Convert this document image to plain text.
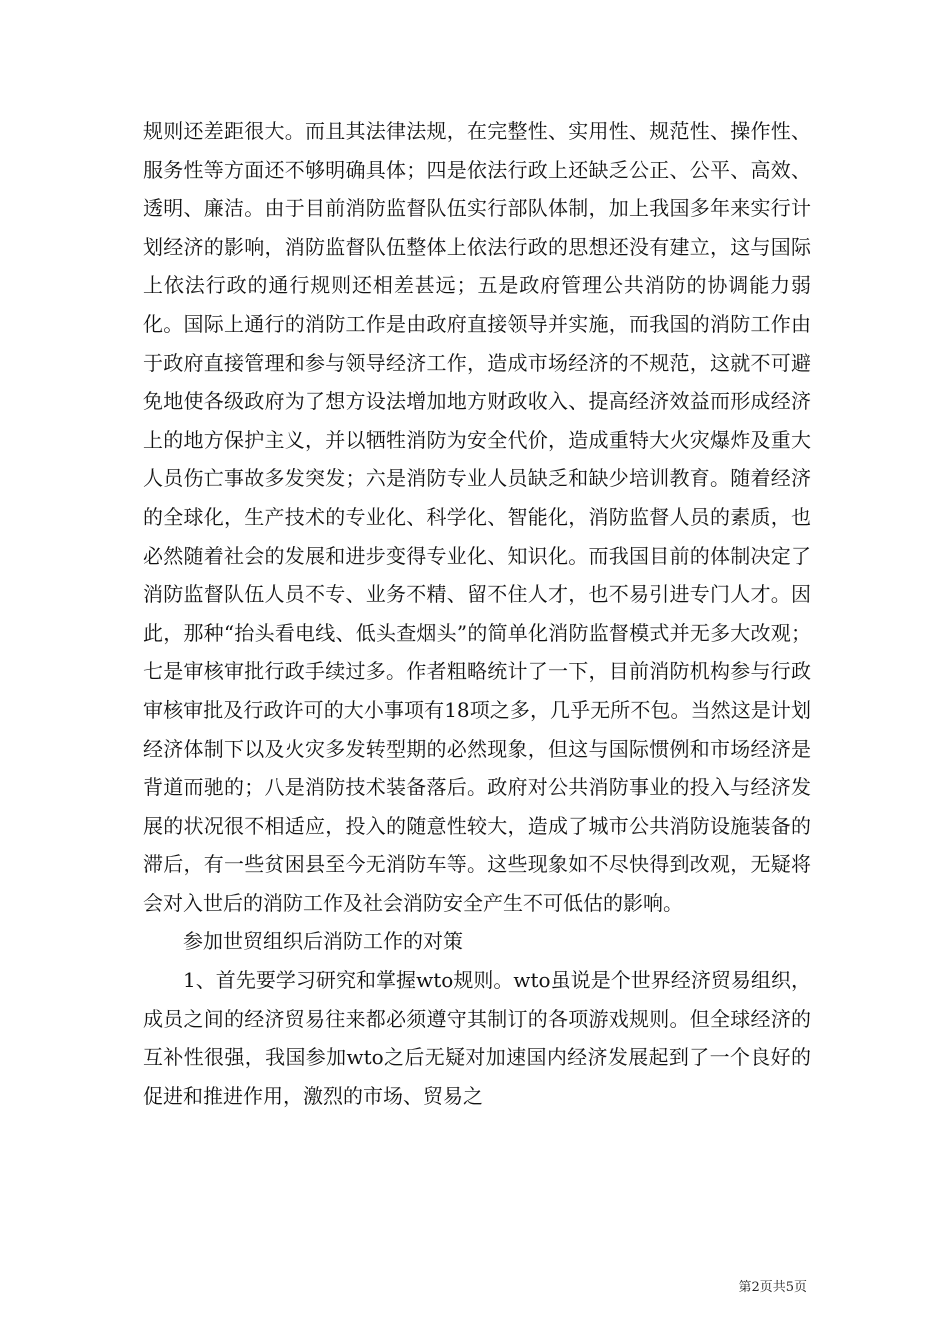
规则还差距很大。而且其法律法规，在完整性、实用性、规范性、操作性、服务性等方面还不够明确具体；四是依法行政上还缺乏公正、公平、高效、透明、廉洁。由于目前消防监督队伍实行部队体制，加上我国多年来实行计划经济的影响，消防监督队伍整体上依法行政的思想还没有建立，这与国际上依法行政的通行规则还相差甚远；五是政府管理公共消防的协调能力弱化。国际上通行的消防工作是由政府直接领导并实施，而我国的消防工作由于政府直接管理和参与领导经济工作，造成市场经济的不规范，这就不可避免地使各级政府为了想方设法增加地方财政收入、提高经济效益而形成经济上的地方保护主义，并以牺牲消防为安全代价，造成重特大火灾爆炸及重大人员伤亡事故多发突发；六是消防专业人员缺乏和缺少培训教育。随着经济的全球化，生产技术的专业化、科学化、智能化，消防监督人员的素质，也必然随着社会的发展和进步变得专业化、知识化。而我国目前的体制决定了消防监督队伍人员不专、业务不精、留不住人才，也不易引进专门人才。因此，那种“抬头看电线、低头查烟头”的简单化消防监督模式并无多大改观；七是审核审批行政手续过多。作者粗略统计了一下，目前消防机构参与行政审核审批及行政许可的大小事项有18项之多，几乎无所不包。当然这是计划经济体制下以及火灾多发转型期的必然现象，但这与国际惯例和市场经济是背道而驰的；八是消防技术装备落后。政府对公共消防事业的投入与经济发展的状况很不相适应，投入的随意性较大，造成了城市公共消防设施装备的滞后，有一些贫困县至今无消防车等。这些现象如不尽快得到改观，无疑将会对入世后的消防工作及社会消防安全产生不可低估的影响。

参加世贸组织后消防工作的对策

1、首先要学习研究和掌握wto规则。wto虽说是个世界经济贸易组织，成员之间的经济贸易往来都必须遵守其制订的各项游戏规则。但全球经济的互补性很强，我国参加wto之后无疑对加速国内经济发展起到了一个良好的促进和推进作用，激烈的市场、贸易之

第2页共5页
